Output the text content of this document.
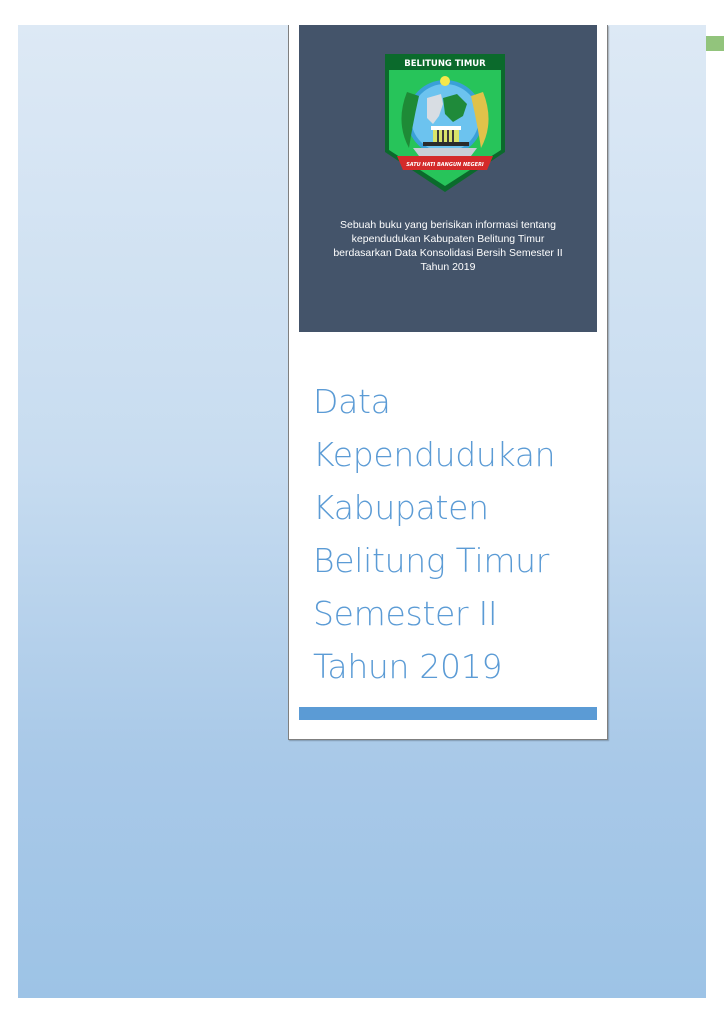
BELITUNG TIMUR
SATU HATI BANGUN NEGERI
Sebuah buku yang berisikan informasi tentang
kependudukan Kabupaten Belitung Timur
berdasarkan Data Konsolidasi Bersih Semester II
Tahun 2019
Data
Kependudukan
Kabupaten
Belitung Timur
Semester II
Tahun 2019
